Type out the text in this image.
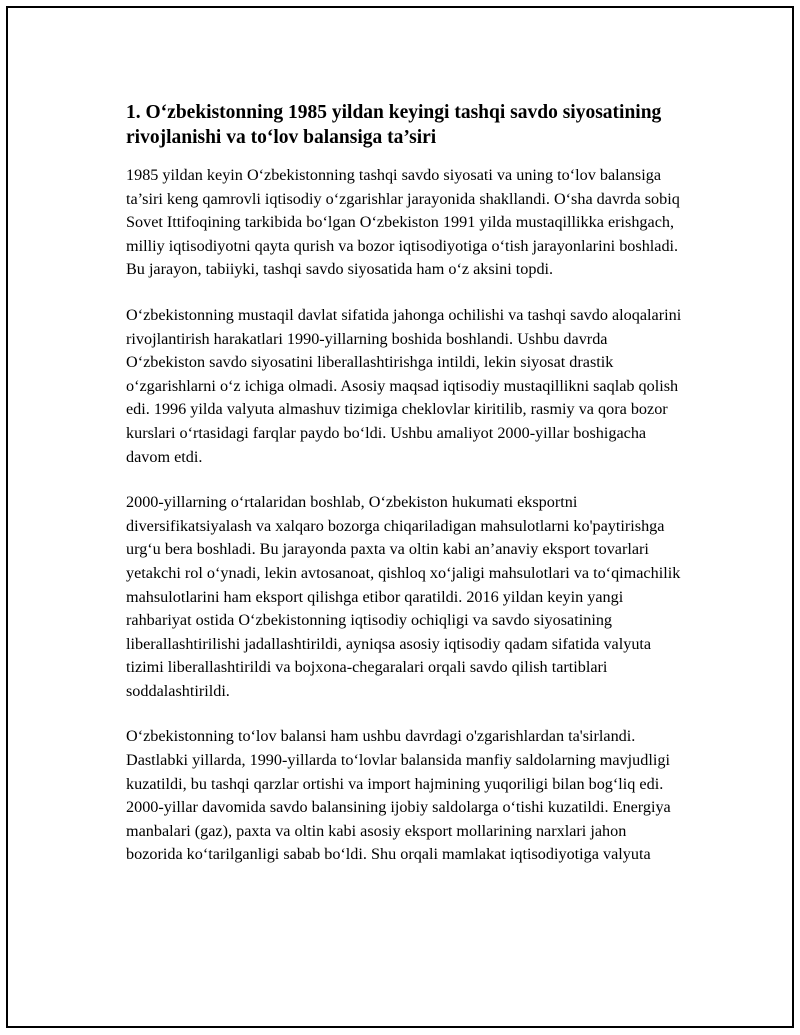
1. O‘zbekistonning 1985 yildan keyingi tashqi savdo siyosatining rivojlanishi va to‘lov balansiga ta’siri

1985 yildan keyin O‘zbekistonning tashqi savdo siyosati va uning to‘lov balansiga ta’siri keng qamrovli iqtisodiy o‘zgarishlar jarayonida shakllandi. O‘sha davrda sobiq Sovet Ittifoqining tarkibida bo‘lgan O‘zbekiston 1991 yilda mustaqillikka erishgach, milliy iqtisodiyotni qayta qurish va bozor iqtisodiyotiga o‘tish jarayonlarini boshladi. Bu jarayon, tabiiyki, tashqi savdo siyosatida ham o‘z aksini topdi.

O‘zbekistonning mustaqil davlat sifatida jahonga ochilishi va tashqi savdo aloqalarini rivojlantirish harakatlari 1990-yillarning boshida boshlandi. Ushbu davrda O‘zbekiston savdo siyosatini liberallashtirishga intildi, lekin siyosat drastik o‘zgarishlarni o‘z ichiga olmadi. Asosiy maqsad iqtisodiy mustaqillikni saqlab qolish edi. 1996 yilda valyuta almashuv tizimiga cheklovlar kiritilib, rasmiy va qora bozor kurslari o‘rtasidagi farqlar paydo bo‘ldi. Ushbu amaliyot 2000-yillar boshigacha davom etdi.

2000-yillarning o‘rtalaridan boshlab, O‘zbekiston hukumati eksportni diversifikatsiyalash va xalqaro bozorga chiqariladigan mahsulotlarni ko'paytirishga urg‘u bera boshladi. Bu jarayonda paxta va oltin kabi an’anaviy eksport tovarlari yetakchi rol o‘ynadi, lekin avtosanoat, qishloq xo‘jaligi mahsulotlari va to‘qimachilik mahsulotlarini ham eksport qilishga etibor qaratildi. 2016 yildan keyin yangi rahbariyat ostida O‘zbekistonning iqtisodiy ochiqligi va savdo siyosatining liberallashtirilishi jadallashtirildi, ayniqsa asosiy iqtisodiy qadam sifatida valyuta tizimi liberallashtirildi va bojxona-chegaralari orqali savdo qilish tartiblari soddalashtirildi.

O‘zbekistonning to‘lov balansi ham ushbu davrdagi o'zgarishlardan ta'sirlandi. Dastlabki yillarda, 1990-yillarda to‘lovlar balansida manfiy saldolarning mavjudligi kuzatildi, bu tashqi qarzlar ortishi va import hajmining yuqoriligi bilan bog‘liq edi. 2000-yillar davomida savdo balansining ijobiy saldolarga o‘tishi kuzatildi. Energiya manbalari (gaz), paxta va oltin kabi asosiy eksport mollarining narxlari jahon bozorida ko‘tarilganligi sabab bo‘ldi. Shu orqali mamlakat iqtisodiyotiga valyuta
